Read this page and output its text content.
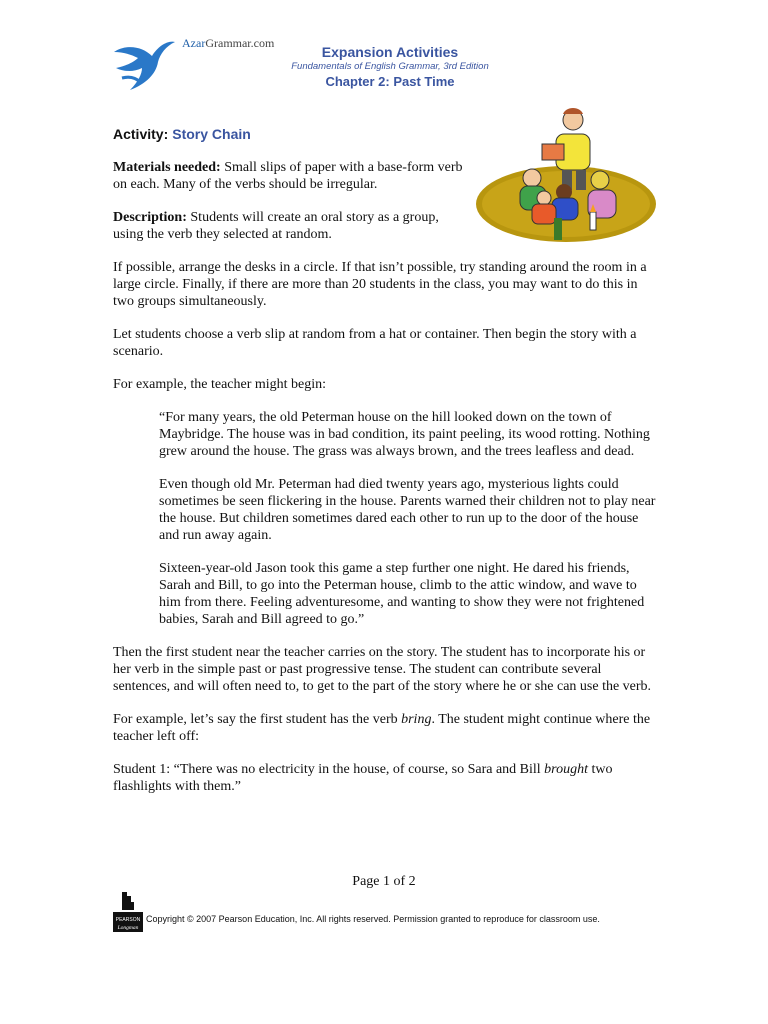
AzarGrammar.com
Expansion Activities
Fundamentals of English Grammar, 3rd Edition
Chapter 2: Past Time
Activity: Story Chain

Materials needed: Small slips of paper with a base-form verb on each. Many of the verbs should be irregular.

Description: Students will create an oral story as a group, using the verb they selected at random.

If possible, arrange the desks in a circle. If that isn’t possible, try standing around the room in a large circle. Finally, if there are more than 20 students in the class, you may want to do this in two groups simultaneously.

Let students choose a verb slip at random from a hat or container. Then begin the story with a scenario.

For example, the teacher might begin:

“For many years, the old Peterman house on the hill looked down on the town of Maybridge. The house was in bad condition, its paint peeling, its wood rotting. Nothing grew around the house. The grass was always brown, and the trees leafless and dead.

Even though old Mr. Peterman had died twenty years ago, mysterious lights could sometimes be seen flickering in the house. Parents warned their children not to play near the house. But children sometimes dared each other to run up to the door of the house and run away again.

Sixteen-year-old Jason took this game a step further one night. He dared his friends, Sarah and Bill, to go into the Peterman house, climb to the attic window, and wave to him from there. Feeling adventuresome, and wanting to show they were not frightened babies, Sarah and Bill agreed to go.”

Then the first student near the teacher carries on the story. The student has to incorporate his or her verb in the simple past or past progressive tense. The student can contribute several sentences, and will often need to, to get to the part of the story where he or she can use the verb.

For example, let’s say the first student has the verb bring. The student might continue where the teacher left off:

Student 1: “There was no electricity in the house, of course, so Sara and Bill brought two flashlights with them.”

Page 1 of 2
PEARSON
Longman
Copyright © 2007 Pearson Education, Inc. All rights reserved. Permission granted to reproduce for classroom use.
